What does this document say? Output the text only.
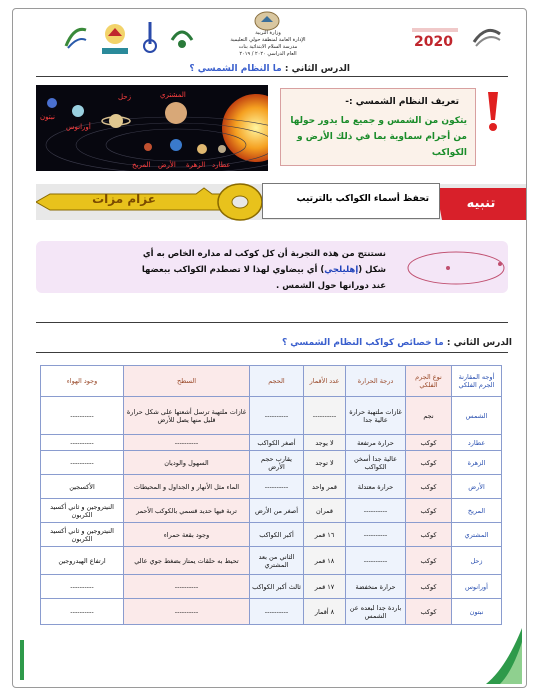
2020
وزارة التربية
الإدارة العامة لمنطقة حولي التعليمية
مدرسة السلام الابتدائية بنات
العام الدراسي ٢٠٢٠ / ٢٠١٩
الدرس الثاني : ما النظام الشمسي ؟
المشتري
زحل
الأرض	عطارد
الزهرة
المريخ
أورانوس
نبتون
تعريف النظام الشمسي :-
يتكون من الشمس و جميع ما يدور حولها من أجرام سماوية بما في ذلك الأرض و الكواكب
عزام مزات	تحفظ أسماء الكواكب بالترتيب	تنبيه
نستنتج من هذه التجربة أن كل كوكب له مداره الخاص به أي شكل (إهليلجي) أي بيضاوي لهذا لا تصطدم الكواكب ببعضها عند دورانها حول الشمس .
الدرس الثاني : ما خصائص كواكب النظام الشمسي ؟
أوجه المقارنة الجرم الفلكي	نوع الجرم الفلكي	درجة الحرارة	عدد الأقمار	الحجم	السطح	وجود الهواء
الشمس	نجم	غازات ملتهبة حرارة عالية جدا	----------	----------	غازات ملتهبة ترسل أشعتها على شكل حرارة قليل منها يصل للأرض	----------
عطارد	كوكب	حرارة مرتفعة	لا يوجد	أصغر الكواكب	----------	----------
الزهرة	كوكب	عالية جدا أسخن الكواكب	لا توجد	يقارب حجم الأرض	السهول والوديان	----------
الأرض	كوكب	حرارة معتدلة	قمر واحد	----------	الماء مثل الأنهار و الجداول و المحيطات	الأكسجين
المريخ	كوكب	----------	قمران	أصغر من الأرض	تربة فيها حديد قسمي بالكوكب الأحمر	النيتروجين و ثاني أكسيد الكربون
المشتري	كوكب	----------	١٦ قمر	أكبر الكواكب	وجود بقعة حمراء	النيتروجين و ثاني أكسيد الكربون
زحل	كوكب	----------	١٨ قمر	الثاني من بعد المشتري	تحيط به حلقات يمتاز بضغط جوي عالي	ارتفاع الهيدروجين
أورانوس	كوكب	حرارة منخفضة	١٧ قمر	ثالث أكبر الكواكب	----------	----------
نبتون	كوكب	باردة جدا لبعده عن الشمس	٨ أقمار	----------	----------	----------
